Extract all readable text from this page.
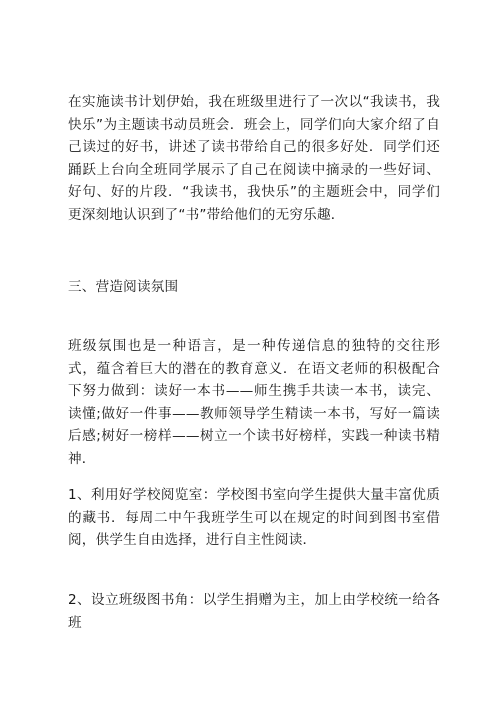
在实施读书计划伊始，我在班级里进行了一次以“我读书，我快乐”为主题读书动员班会．班会上，同学们向大家介绍了自己读过的好书，讲述了读书带给自己的很多好处．同学们还踊跃上台向全班同学展示了自己在阅读中摘录的一些好词、好句、好的片段．“我读书，我快乐”的主题班会中，同学们更深刻地认识到了“书”带给他们的无穷乐趣．

三、营造阅读氛围

班级氛围也是一种语言，是一种传递信息的独特的交往形式，蕴含着巨大的潜在的教育意义．在语文老师的积极配合下努力做到：读好一本书——师生携手共读一本书，读完、读懂;做好一件事——教师领导学生精读一本书，写好一篇读后感;树好一榜样——树立一个读书好榜样，实践一种读书精神．

1、利用好学校阅览室：学校图书室向学生提供大量丰富优质的藏书．每周二中午我班学生可以在规定的时间到图书室借阅，供学生自由选择，进行自主性阅读．

2、设立班级图书角：以学生捐赠为主，加上由学校统一给各班
